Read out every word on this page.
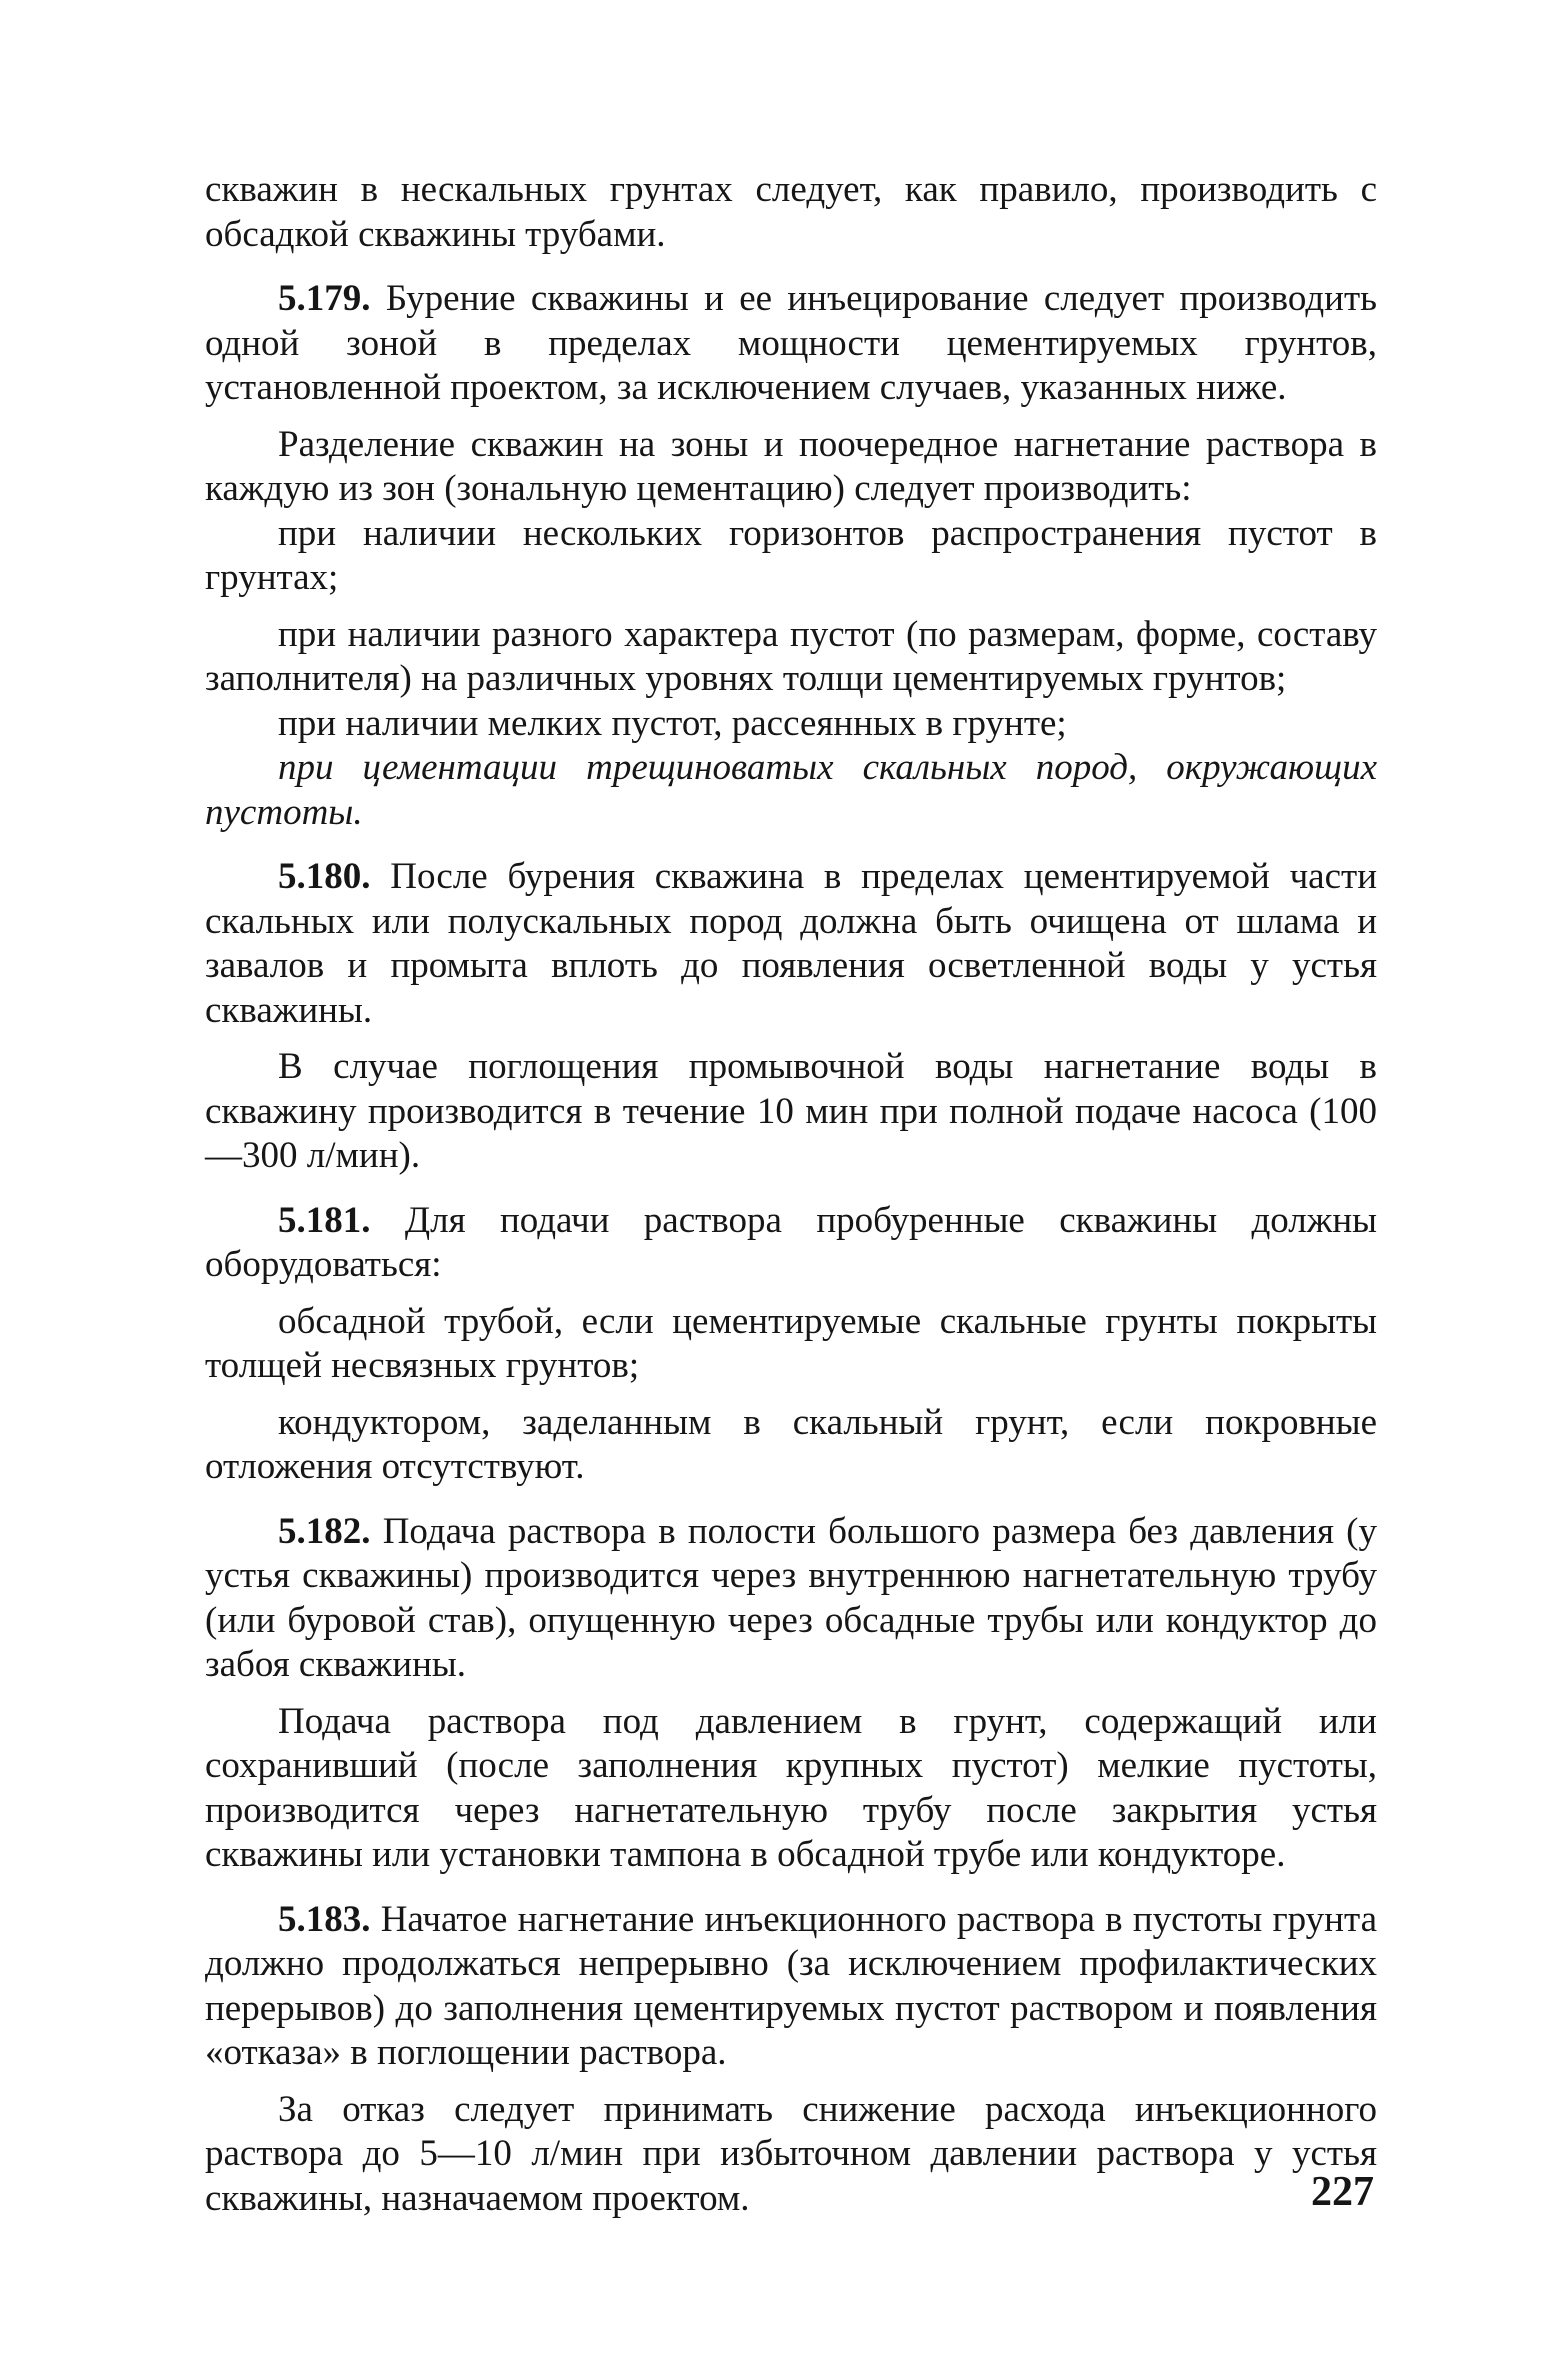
скважин в нескальных грунтах следует, как правило, производить с обсадкой скважины трубами.

5.179. Бурение скважины и ее инъецирование следует производить одной зоной в пределах мощности цементируемых грунтов, установленной проектом, за исключением случаев, указанных ниже.

Разделение скважин на зоны и поочередное нагнетание раствора в каждую из зон (зональную цементацию) следует производить:

при наличии нескольких горизонтов распространения пустот в грунтах;

при наличии разного характера пустот (по размерам, форме, составу заполнителя) на различных уровнях толщи цементируемых грунтов;

при наличии мелких пустот, рассеянных в грунте;

при цементации трещиноватых скальных пород, окружающих пустоты.

5.180. После бурения скважина в пределах цементируемой части скальных или полускальных пород должна быть очищена от шлама и завалов и промыта вплоть до появления осветленной воды у устья скважины.

В случае поглощения промывочной воды нагнетание воды в скважину производится в течение 10 мин при полной подаче насоса (100—300 л/мин).

5.181. Для подачи раствора пробуренные скважины должны оборудоваться:

обсадной трубой, если цементируемые скальные грунты покрыты толщей несвязных грунтов;

кондуктором, заделанным в скальный грунт, если покровные отложения отсутствуют.

5.182. Подача раствора в полости большого размера без давления (у устья скважины) производится через внутреннюю нагнетательную трубу (или буровой став), опущенную через обсадные трубы или кондуктор до забоя скважины.

Подача раствора под давлением в грунт, содержащий или сохранивший (после заполнения крупных пустот) мелкие пустоты, производится через нагнетательную трубу после закрытия устья скважины или установки тампона в обсадной трубе или кондукторе.

5.183. Начатое нагнетание инъекционного раствора в пустоты грунта должно продолжаться непрерывно (за исключением профилактических перерывов) до заполнения цементируемых пустот раствором и появления «отказа» в поглощении раствора.

За отказ следует принимать снижение расхода инъекционного раствора до 5—10 л/мин при избыточном давлении раствора у устья скважины, назначаемом проектом.	227
